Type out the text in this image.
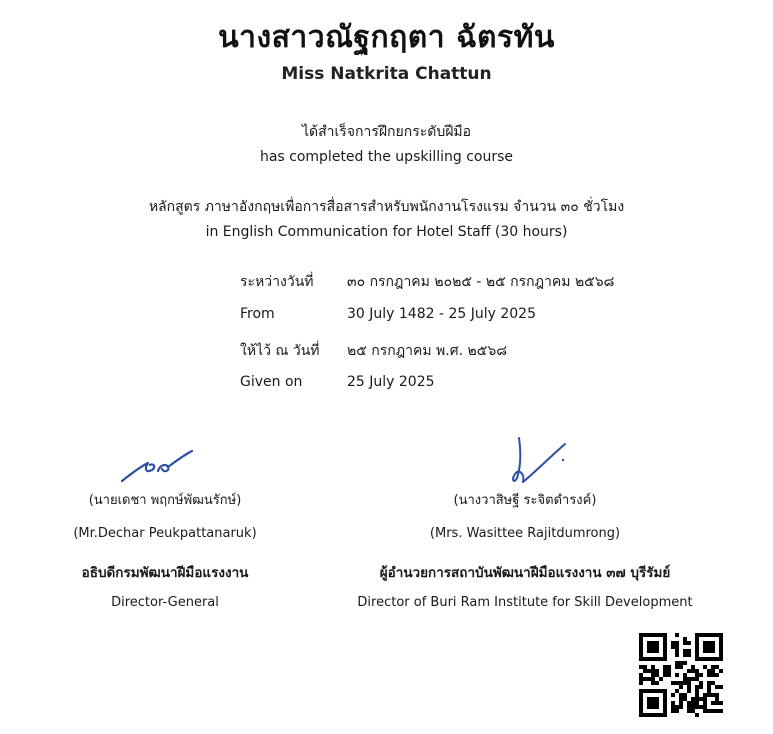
นางสาวณัฐกฤตา ฉัตรทัน
Miss Natkrita Chattun
ได้สำเร็จการฝึกยกระดับฝีมือ
has completed the upskilling course
หลักสูตร ภาษาอังกฤษเพื่อการสื่อสารสำหรับพนักงานโรงแรม จำนวน ๓๐ ชั่วโมง
in English Communication for Hotel Staff (30 hours)
ระหว่างวันที่ ๓๐ กรกฎาคม ๒๐๒๕ - ๒๕ กรกฎาคม ๒๕๖๘
From	30 July 1482 - 25 July 2025
ให้ไว้ ณ วันที่ ๒๕ กรกฎาคม พ.ศ. ๒๕๖๘
Given on	25 July 2025
(นายเดชา พฤกษ์พัฒนรักษ์)
(Mr.Dechar Peukpattanaruk)
อธิบดีกรมพัฒนาฝีมือแรงงาน
Director-General
(นางวาสิษฐี ระจิตดำรงค์)
(Mrs. Wasittee Rajitdumrong)
ผู้อำนวยการสถาบันพัฒนาฝีมือแรงงาน ๓๗ บุรีรัมย์
Director of Buri Ram Institute for Skill Development
